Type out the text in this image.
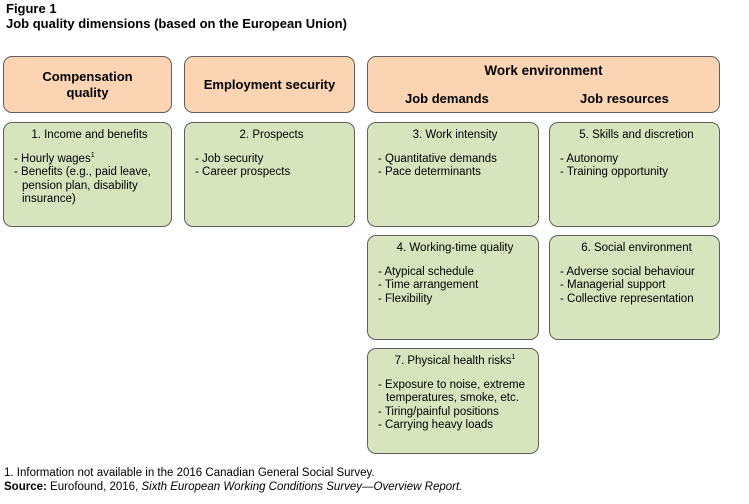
Figure 1
Job quality dimensions (based on the European Union)
Compensation quality
Employment security
Work environment
Job demands	Job resources
1. Income and benefits
- Hourly wages$^1$
- Benefits (e.g., paid leave, pension plan, disability insurance)
2. Prospects
- Job security
- Career prospects
3. Work intensity
- Quantitative demands
- Pace determinants
5. Skills and discretion
- Autonomy
- Training opportunity
4. Working-time quality
- Atypical schedule
- Time arrangement
- Flexibility
6. Social environment
- Adverse social behaviour
- Managerial support
- Collective representation
7. Physical health risks$^1$
- Exposure to noise, extreme temperatures, smoke, etc.
- Tiring/painful positions
- Carrying heavy loads
1. Information not available in the 2016 Canadian General Social Survey.
Source: Eurofound, 2016, Sixth European Working Conditions Survey—Overview Report.
